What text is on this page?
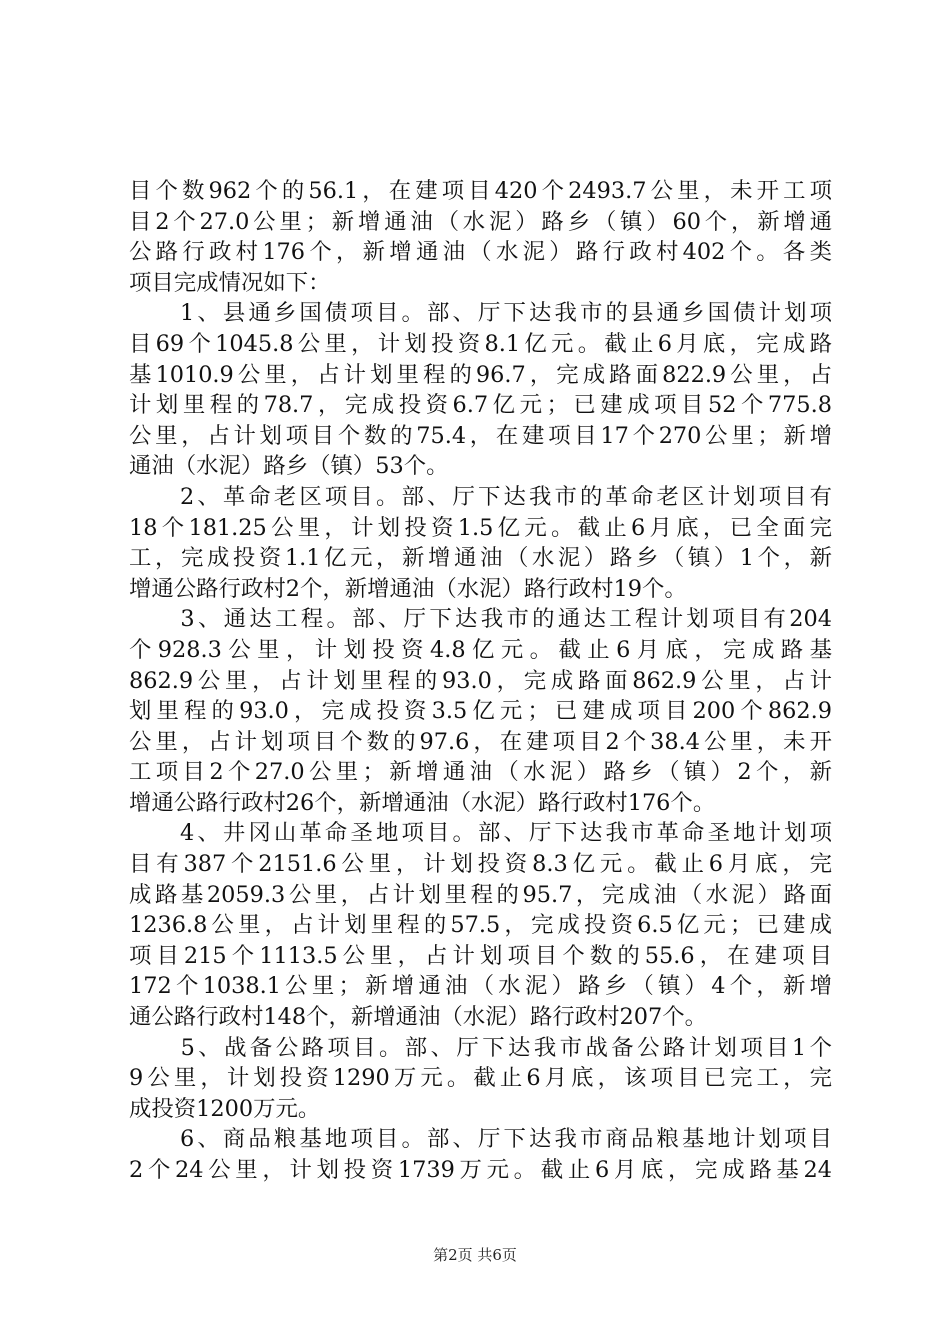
目个数962个的56.1，在建项目420个2493.7公里，未开工项
目2个27.0公里；新增通油（水泥）路乡（镇）60个，新增通
公路行政村176个，新增通油（水泥）路行政村402个。各类
项目完成情况如下：
　　1、县通乡国债项目。部、厅下达我市的县通乡国债计划项
目69个1045.8公里，计划投资8.1亿元。截止6月底，完成路
基1010.9公里，占计划里程的96.7，完成路面822.9公里，占
计划里程的78.7，完成投资6.7亿元；已建成项目52个775.8
公里，占计划项目个数的75.4，在建项目17个270公里；新增
通油（水泥）路乡（镇）53个。
　　2、革命老区项目。部、厅下达我市的革命老区计划项目有
18个181.25公里，计划投资1.5亿元。截止6月底，已全面完
工，完成投资1.1亿元，新增通油（水泥）路乡（镇）1个，新
增通公路行政村2个，新增通油（水泥）路行政村19个。
　　3、通达工程。部、厅下达我市的通达工程计划项目有204
个928.3公里，计划投资4.8亿元。截止6月底，完成路基
862.9公里，占计划里程的93.0，完成路面862.9公里，占计
划里程的93.0，完成投资3.5亿元；已建成项目200个862.9
公里，占计划项目个数的97.6，在建项目2个38.4公里，未开
工项目2个27.0公里；新增通油（水泥）路乡（镇）2个，新
增通公路行政村26个，新增通油（水泥）路行政村176个。
　　4、井冈山革命圣地项目。部、厅下达我市革命圣地计划项
目有387个2151.6公里，计划投资8.3亿元。截止6月底，完
成路基2059.3公里，占计划里程的95.7，完成油（水泥）路面
1236.8公里，占计划里程的57.5，完成投资6.5亿元；已建成
项目215个1113.5公里，占计划项目个数的55.6，在建项目
172个1038.1公里；新增通油（水泥）路乡（镇）4个，新增
通公路行政村148个，新增通油（水泥）路行政村207个。
　　5、战备公路项目。部、厅下达我市战备公路计划项目1个
9公里，计划投资1290万元。截止6月底，该项目已完工，完
成投资1200万元。
　　6、商品粮基地项目。部、厅下达我市商品粮基地计划项目
2个24公里，计划投资1739万元。截止6月底，完成路基24
第2页 共6页
